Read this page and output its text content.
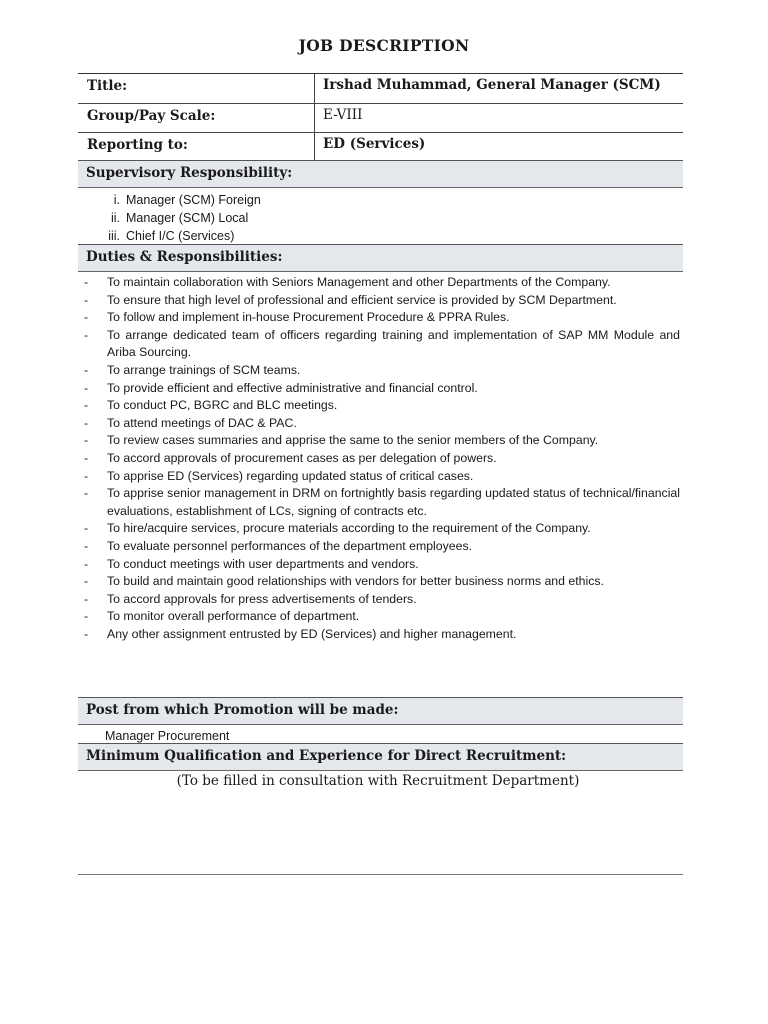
JOB DESCRIPTION
Title:	Irshad Muhammad, General Manager (SCM)
Group/Pay Scale:	E-VIII
Reporting to:	ED (Services)
Supervisory Responsibility:
i. Manager (SCM) Foreign
ii. Manager (SCM) Local
iii. Chief I/C (Services)
Duties & Responsibilities:
-	To maintain collaboration with Seniors Management and other Departments of the Company.
-	To ensure that high level of professional and efficient service is provided by SCM Department.
-	To follow and implement in-house Procurement Procedure & PPRA Rules.
-	To arrange dedicated team of officers regarding training and implementation of SAP MM Module and Ariba Sourcing.
-	To arrange trainings of SCM teams.
-	To provide efficient and effective administrative and financial control.
-	To conduct PC, BGRC and BLC meetings.
-	To attend meetings of DAC & PAC.
-	To review cases summaries and apprise the same to the senior members of the Company.
-	To accord approvals of procurement cases as per delegation of powers.
-	To apprise ED (Services) regarding updated status of critical cases.
-	To apprise senior management in DRM on fortnightly basis regarding updated status of technical/financial evaluations, establishment of LCs, signing of contracts etc.
-	To hire/acquire services, procure materials according to the requirement of the Company.
-	To evaluate personnel performances of the department employees.
-	To conduct meetings with user departments and vendors.
-	To build and maintain good relationships with vendors for better business norms and ethics.
-	To accord approvals for press advertisements of tenders.
-	To monitor overall performance of department.
-	Any other assignment entrusted by ED (Services) and higher management.
Post from which Promotion will be made:
Manager Procurement
Minimum Qualification and Experience for Direct Recruitment:
(To be filled in consultation with Recruitment Department)
